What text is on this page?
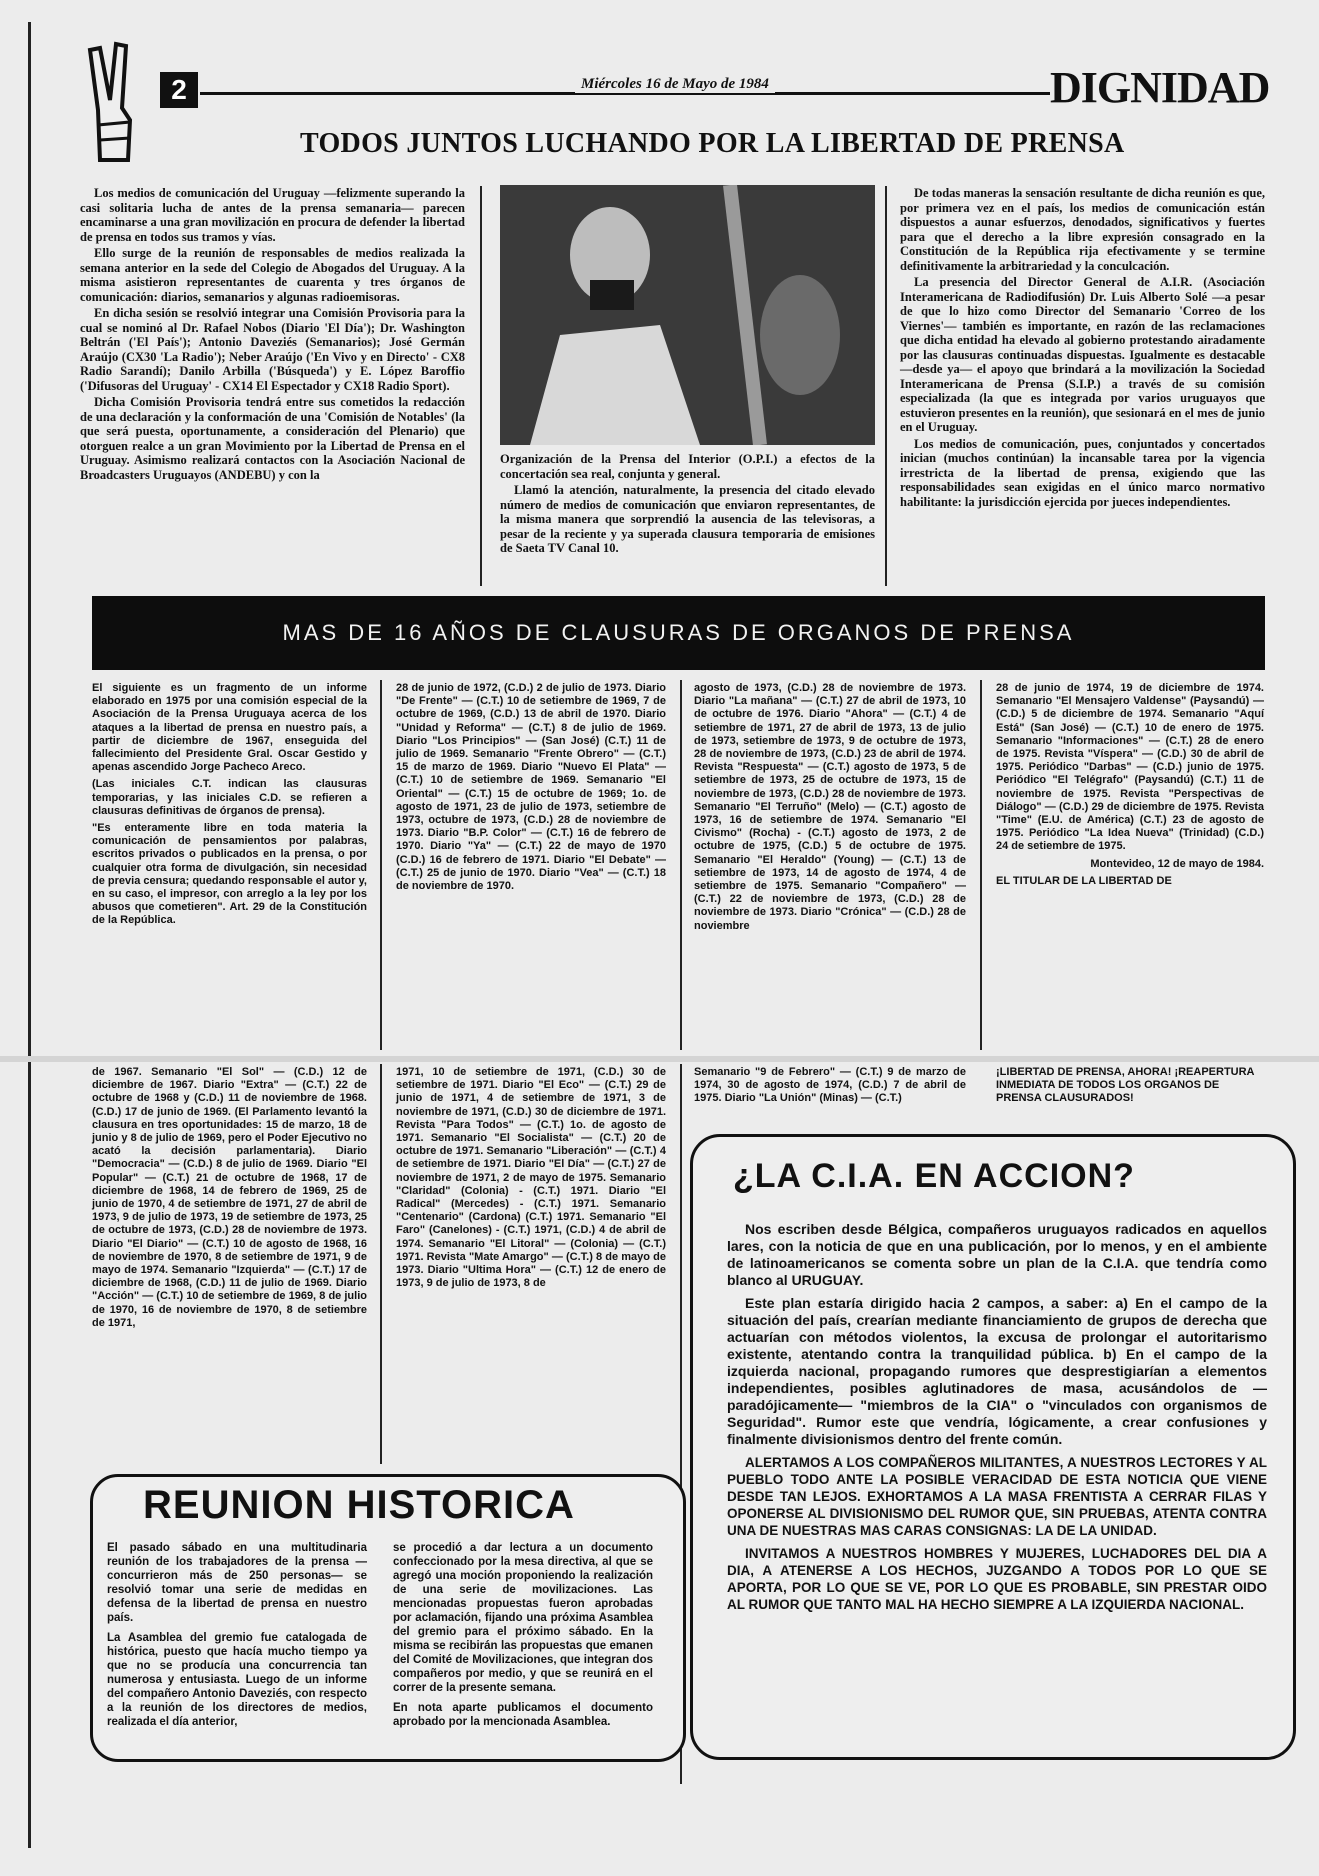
2	Miércoles 16 de Mayo de 1984	DIGNIDAD
TODOS JUNTOS LUCHANDO POR LA LIBERTAD DE PRENSA

Los medios de comunicación del Uruguay —felizmente superando la casi solitaria lucha de antes de la prensa semanaria— parecen encaminarse a una gran movilización en procura de defender la libertad de prensa en todos sus tramos y vías.

Ello surge de la reunión de responsables de medios realizada la semana anterior en la sede del Colegio de Abogados del Uruguay. A la misma asistieron representantes de cuarenta y tres órganos de comunicación: diarios, semanarios y algunas radioemisoras.

En dicha sesión se resolvió integrar una Comisión Provisoria para la cual se nominó al Dr. Rafael Nobos (Diario 'El Día'); Dr. Washington Beltrán ('El País'); Antonio Daveziés (Semanarios); José Germán Araújo (CX30 'La Radio'); Neber Araújo ('En Vivo y en Directo' - CX8 Radio Sarandí); Danilo Arbilla ('Búsqueda') y E. López Baroffio ('Difusoras del Uruguay' - CX14 El Espectador y CX18 Radio Sport).

Dicha Comisión Provisoria tendrá entre sus cometidos la redacción de una declaración y la conformación de una 'Comisión de Notables' (la que será puesta, oportunamente, a consideración del Plenario) que otorguen realce a un gran Movimiento por la Libertad de Prensa en el Uruguay. Asimismo realizará contactos con la Asociación Nacional de Broadcasters Uruguayos (ANDEBU) y con la

Organización de la Prensa del Interior (O.P.I.) a efectos de la concertación sea real, conjunta y general.

Llamó la atención, naturalmente, la presencia del citado elevado número de medios de comunicación que enviaron representantes, de la misma manera que sorprendió la ausencia de las televisoras, a pesar de la reciente y ya superada clausura temporaria de emisiones de Saeta TV Canal 10.

De todas maneras la sensación resultante de dicha reunión es que, por primera vez en el país, los medios de comunicación están dispuestos a aunar esfuerzos, denodados, significativos y fuertes para que el derecho a la libre expresión consagrado en la Constitución de la República rija efectivamente y se termine definitivamente la arbitrariedad y la conculcación.

La presencia del Director General de A.I.R. (Asociación Interamericana de Radiodifusión) Dr. Luis Alberto Solé —a pesar de que lo hizo como Director del Semanario 'Correo de los Viernes'— también es importante, en razón de las reclamaciones que dicha entidad ha elevado al gobierno protestando airadamente por las clausuras continuadas dispuestas. Igualmente es destacable —desde ya— el apoyo que brindará a la movilización la Sociedad Interamericana de Prensa (S.I.P.) a través de su comisión especializada (la que es integrada por varios uruguayos que estuvieron presentes en la reunión), que sesionará en el mes de junio en el Uruguay.

Los medios de comunicación, pues, conjuntados y concertados inician (muchos continúan) la incansable tarea por la vigencia irrestricta de la libertad de prensa, exigiendo que las responsabilidades sean exigidas en el único marco normativo habilitante: la jurisdicción ejercida por jueces independientes.

MAS DE 16 AÑOS DE CLAUSURAS DE ORGANOS DE PRENSA

El siguiente es un fragmento de un informe elaborado en 1975 por una comisión especial de la Asociación de la Prensa Uruguaya acerca de los ataques a la libertad de prensa en nuestro país, a partir de diciembre de 1967, enseguida del fallecimiento del Presidente Gral. Oscar Gestido y apenas ascendido Jorge Pacheco Areco.

(Las iniciales C.T. indican las clausuras temporarias, y las iniciales C.D. se refieren a clausuras definitivas de órganos de prensa).

"Es enteramente libre en toda materia la comunicación de pensamientos por palabras, escritos privados o publicados en la prensa, o por cualquier otra forma de divulgación, sin necesidad de previa censura; quedando responsable el autor y, en su caso, el impresor, con arreglo a la ley por los abusos que cometieren". Art. 29 de la Constitución de la República.

28 de junio de 1972, (C.D.) 2 de julio de 1973. Diario "De Frente" — (C.T.) 10 de setiembre de 1969, 7 de octubre de 1969, (C.D.) 13 de abril de 1970. Diario "Unidad y Reforma" — (C.T.) 8 de julio de 1969. Diario "Los Principios" — (San José) (C.T.) 11 de julio de 1969. Semanario "Frente Obrero" — (C.T.) 15 de marzo de 1969. Diario "Nuevo El Plata" — (C.T.) 10 de setiembre de 1969. Semanario "El Oriental" — (C.T.) 15 de octubre de 1969; 1o. de agosto de 1971, 23 de julio de 1973, setiembre de 1973, octubre de 1973, (C.D.) 28 de noviembre de 1973. Diario "B.P. Color" — (C.T.) 16 de febrero de 1970. Diario "Ya" — (C.T.) 22 de mayo de 1970 (C.D.) 16 de febrero de 1971. Diario "El Debate" — (C.T.) 25 de junio de 1970. Diario "Vea" — (C.T.) 18 de noviembre de 1970.
agosto de 1973, (C.D.) 28 de noviembre de 1973. Diario "La mañana" — (C.T.) 27 de abril de 1973, 10 de octubre de 1976. Diario "Ahora" — (C.T.) 4 de setiembre de 1971, 27 de abril de 1973, 13 de julio de 1973, setiembre de 1973, 9 de octubre de 1973, 28 de noviembre de 1973, (C.D.) 23 de abril de 1974. Revista "Respuesta" — (C.T.) agosto de 1973, 5 de setiembre de 1973, 25 de octubre de 1973, 15 de noviembre de 1973, (C.D.) 28 de noviembre de 1973. Semanario "El Terruño" (Melo) — (C.T.) agosto de 1973, 16 de setiembre de 1974. Semanario "El Civismo" (Rocha) - (C.T.) agosto de 1973, 2 de octubre de 1975, (C.D.) 5 de octubre de 1975. Semanario "El Heraldo" (Young) — (C.T.) 13 de setiembre de 1973, 14 de agosto de 1974, 4 de setiembre de 1975. Semanario "Compañero" — (C.T.) 22 de noviembre de 1973, (C.D.) 28 de noviembre de 1973. Diario "Crónica" — (C.D.) 28 de noviembre

28 de junio de 1974, 19 de diciembre de 1974. Semanario "El Mensajero Valdense" (Paysandú) — (C.D.) 5 de diciembre de 1974. Semanario "Aquí Está" (San José) — (C.T.) 10 de enero de 1975. Semanario "Informaciones" — (C.T.) 28 de enero de 1975. Revista "Víspera" — (C.D.) 30 de abril de 1975. Periódico "Darbas" — (C.D.) junio de 1975. Periódico "El Telégrafo" (Paysandú) (C.T.) 11 de noviembre de 1975. Revista "Perspectivas de Diálogo" — (C.D.) 29 de diciembre de 1975. Revista "Time" (E.U. de América) (C.T.) 23 de agosto de 1975. Periódico "La Idea Nueva" (Trinidad) (C.D.) 24 de setiembre de 1975.

Montevideo, 12 de mayo de 1984.

EL TITULAR DE LA LIBERTAD DE

de 1967. Semanario "El Sol" — (C.D.) 12 de diciembre de 1967. Diario "Extra" — (C.T.) 22 de octubre de 1968 y (C.D.) 11 de noviembre de 1968. (C.D.) 17 de junio de 1969. (El Parlamento levantó la clausura en tres oportunidades: 15 de marzo, 18 de junio y 8 de julio de 1969, pero el Poder Ejecutivo no acató la decisión parlamentaria). Diario "Democracia" — (C.D.) 8 de julio de 1969. Diario "El Popular" — (C.T.) 21 de octubre de 1968, 17 de diciembre de 1968, 14 de febrero de 1969, 25 de junio de 1970, 4 de setiembre de 1971, 27 de abril de 1973, 9 de julio de 1973, 19 de setiembre de 1973, 25 de octubre de 1973, (C.D.) 28 de noviembre de 1973. Diario "El Diario" — (C.T.) 10 de agosto de 1968, 16 de noviembre de 1970, 8 de setiembre de 1971, 9 de mayo de 1974. Semanario "Izquierda" — (C.T.) 17 de diciembre de 1968, (C.D.) 11 de julio de 1969. Diario "Acción" — (C.T.) 10 de setiembre de 1969, 8 de julio de 1970, 16 de noviembre de 1970, 8 de setiembre de 1971,
1971, 10 de setiembre de 1971, (C.D.) 30 de setiembre de 1971. Diario "El Eco" — (C.T.) 29 de junio de 1971, 4 de setiembre de 1971, 3 de noviembre de 1971, (C.D.) 30 de diciembre de 1971. Revista "Para Todos" — (C.T.) 1o. de agosto de 1971. Semanario "El Socialista" — (C.T.) 20 de octubre de 1971. Semanario "Liberación" — (C.T.) 4 de setiembre de 1971. Diario "El Día" — (C.T.) 27 de noviembre de 1971, 2 de mayo de 1975. Semanario "Claridad" (Colonia) - (C.T.) 1971. Diario "El Radical" (Mercedes) - (C.T.) 1971. Semanario "Centenario" (Cardona) (C.T.) 1971. Semanario "El Faro" (Canelones) - (C.T.) 1971, (C.D.) 4 de abril de 1974. Semanario "El Litoral" — (Colonia) — (C.T.) 1971. Revista "Mate Amargo" — (C.T.) 8 de mayo de 1973. Diario "Ultima Hora" — (C.T.) 12 de enero de 1973, 9 de julio de 1973, 8 de
Semanario "9 de Febrero" — (C.T.) 9 de marzo de 1974, 30 de agosto de 1974, (C.D.) 7 de abril de 1975. Diario "La Unión" (Minas) — (C.T.)
¡LIBERTAD DE PRENSA, AHORA! ¡REAPERTURA INMEDIATA DE TODOS LOS ORGANOS DE PRENSA CLAUSURADOS!
¿LA C.I.A. EN ACCION?

Nos escriben desde Bélgica, compañeros uruguayos radicados en aquellos lares, con la noticia de que en una publicación, por lo menos, y en el ambiente de latinoamericanos se comenta sobre un plan de la C.I.A. que tendría como blanco al URUGUAY.

Este plan estaría dirigido hacia 2 campos, a saber: a) En el campo de la situación del país, crearían mediante financiamiento de grupos de derecha que actuarían con métodos violentos, la excusa de prolongar el autoritarismo existente, atentando contra la tranquilidad pública. b) En el campo de la izquierda nacional, propagando rumores que desprestigiarían a elementos independientes, posibles aglutinadores de masa, acusándolos de —paradójicamente— "miembros de la CIA" o "vinculados con organismos de Seguridad". Rumor este que vendría, lógicamente, a crear confusiones y finalmente divisionismos dentro del frente común.

ALERTAMOS A LOS COMPAÑEROS MILITANTES, A NUESTROS LECTORES Y AL PUEBLO TODO ANTE LA POSIBLE VERACIDAD DE ESTA NOTICIA QUE VIENE DESDE TAN LEJOS. EXHORTAMOS A LA MASA FRENTISTA A CERRAR FILAS Y OPONERSE AL DIVISIONISMO DEL RUMOR QUE, SIN PRUEBAS, ATENTA CONTRA UNA DE NUESTRAS MAS CARAS CONSIGNAS: LA DE LA UNIDAD.

INVITAMOS A NUESTROS HOMBRES Y MUJERES, LUCHADORES DEL DIA A DIA, A ATENERSE A LOS HECHOS, JUZGANDO A TODOS POR LO QUE SE APORTA, POR LO QUE SE VE, POR LO QUE ES PROBABLE, SIN PRESTAR OIDO AL RUMOR QUE TANTO MAL HA HECHO SIEMPRE A LA IZQUIERDA NACIONAL.

REUNION HISTORICA

El pasado sábado en una multitudinaria reunión de los trabajadores de la prensa —concurrieron más de 250 personas— se resolvió tomar una serie de medidas en defensa de la libertad de prensa en nuestro país.

La Asamblea del gremio fue catalogada de histórica, puesto que hacía mucho tiempo ya que no se producía una concurrencia tan numerosa y entusiasta. Luego de un informe del compañero Antonio Daveziés, con respecto a la reunión de los directores de medios, realizada el día anterior,

se procedió a dar lectura a un documento confeccionado por la mesa directiva, al que se agregó una moción proponiendo la realización de una serie de movilizaciones. Las mencionadas propuestas fueron aprobadas por aclamación, fijando una próxima Asamblea del gremio para el próximo sábado. En la misma se recibirán las propuestas que emanen del Comité de Movilizaciones, que integran dos compañeros por medio, y que se reunirá en el correr de la presente semana.

En nota aparte publicamos el documento aprobado por la mencionada Asamblea.
